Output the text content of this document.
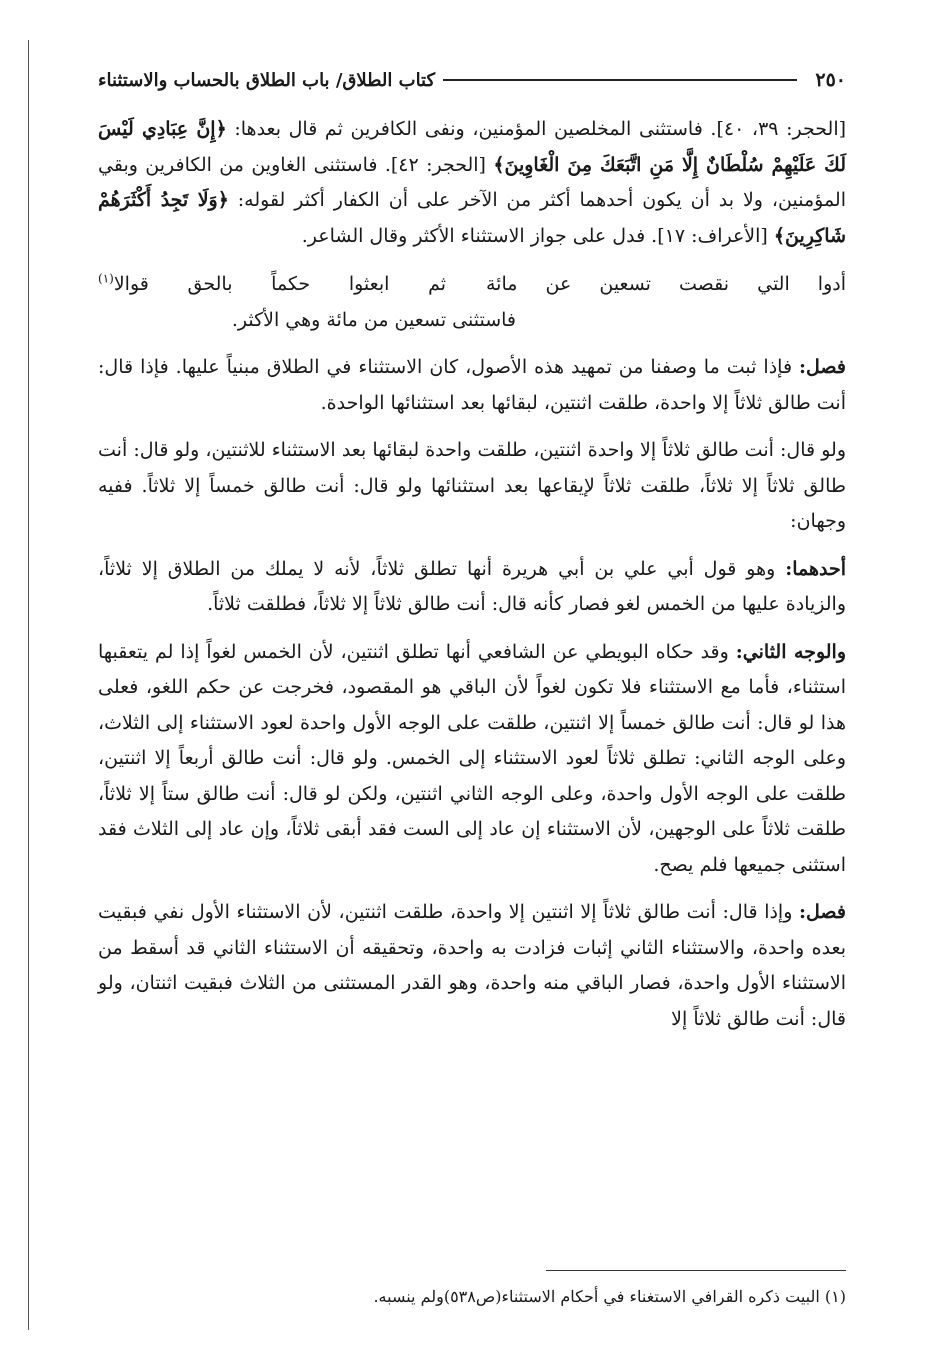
٢٥٠
كتاب الطلاق/ باب الطلاق بالحساب والاستثناء

[الحجر: ٣٩، ٤٠]. فاستثنى المخلصين المؤمنين، ونفى الكافرين ثم قال بعدها: ﴿إِنَّ عِبَادِي لَيْسَ لَكَ عَلَيْهِمْ سُلْطَانٌ إِلَّا مَنِ اتَّبَعَكَ مِنَ الْغَاوِينَ﴾ [الحجر: ٤٢]. فاستثنى الغاوين من الكافرين وبقي المؤمنين، ولا بد أن يكون أحدهما أكثر من الآخر على أن الكفار أكثر لقوله: ﴿وَلَا تَجِدُ أَكْثَرَهُمْ شَاكِرِينَ﴾ [الأعراف: ١٧]. فدل على جواز الاستثناء الأكثر وقال الشاعر.

أدوا التي نقصت تسعين عن مائة
ثم ابعثوا حكماً بالحق قوالا$^{(١)}$
فاستثنى تسعين من مائة وهي الأكثر.

فصل: فإذا ثبت ما وصفنا من تمهيد هذه الأصول، كان الاستثناء في الطلاق مبنياً عليها. فإذا قال: أنت طالق ثلاثاً إلا واحدة، طلقت اثنتين، لبقائها بعد استثنائها الواحدة.

ولو قال: أنت طالق ثلاثاً إلا واحدة اثنتين، طلقت واحدة لبقائها بعد الاستثناء للاثنتين، ولو قال: أنت طالق ثلاثاً إلا ثلاثاً، طلقت ثلاثاً لإيقاعها بعد استثنائها ولو قال: أنت طالق خمساً إلا ثلاثاً. ففيه وجهان:

أحدهما: وهو قول أبي علي بن أبي هريرة أنها تطلق ثلاثاً، لأنه لا يملك من الطلاق إلا ثلاثاً، والزيادة عليها من الخمس لغو فصار كأنه قال: أنت طالق ثلاثاً إلا ثلاثاً، فطلقت ثلاثاً.

والوجه الثاني: وقد حكاه البويطي عن الشافعي أنها تطلق اثنتين، لأن الخمس لغواً إذا لم يتعقبها استثناء، فأما مع الاستثناء فلا تكون لغواً لأن الباقي هو المقصود، فخرجت عن حكم اللغو، فعلى هذا لو قال: أنت طالق خمساً إلا اثنتين، طلقت على الوجه الأول واحدة لعود الاستثناء إلى الثلاث، وعلى الوجه الثاني: تطلق ثلاثاً لعود الاستثناء إلى الخمس. ولو قال: أنت طالق أربعاً إلا اثنتين، طلقت على الوجه الأول واحدة، وعلى الوجه الثاني اثنتين، ولكن لو قال: أنت طالق ستاً إلا ثلاثاً، طلقت ثلاثاً على الوجهين، لأن الاستثناء إن عاد إلى الست فقد أبقى ثلاثاً، وإن عاد إلى الثلاث فقد استثنى جميعها فلم يصح.

فصل: وإذا قال: أنت طالق ثلاثاً إلا اثنتين إلا واحدة، طلقت اثنتين، لأن الاستثناء الأول نفي فبقيت بعده واحدة، والاستثناء الثاني إثبات فزادت به واحدة، وتحقيقه أن الاستثناء الثاني قد أسقط من الاستثناء الأول واحدة، فصار الباقي منه واحدة، وهو القدر المستثنى من الثلاث فبقيت اثنتان، ولو قال: أنت طالق ثلاثاً إلا

(١) البيت ذكره القرافي الاستغناء في أحكام الاستثناء(ص٥٣٨)ولم ينسبه.
